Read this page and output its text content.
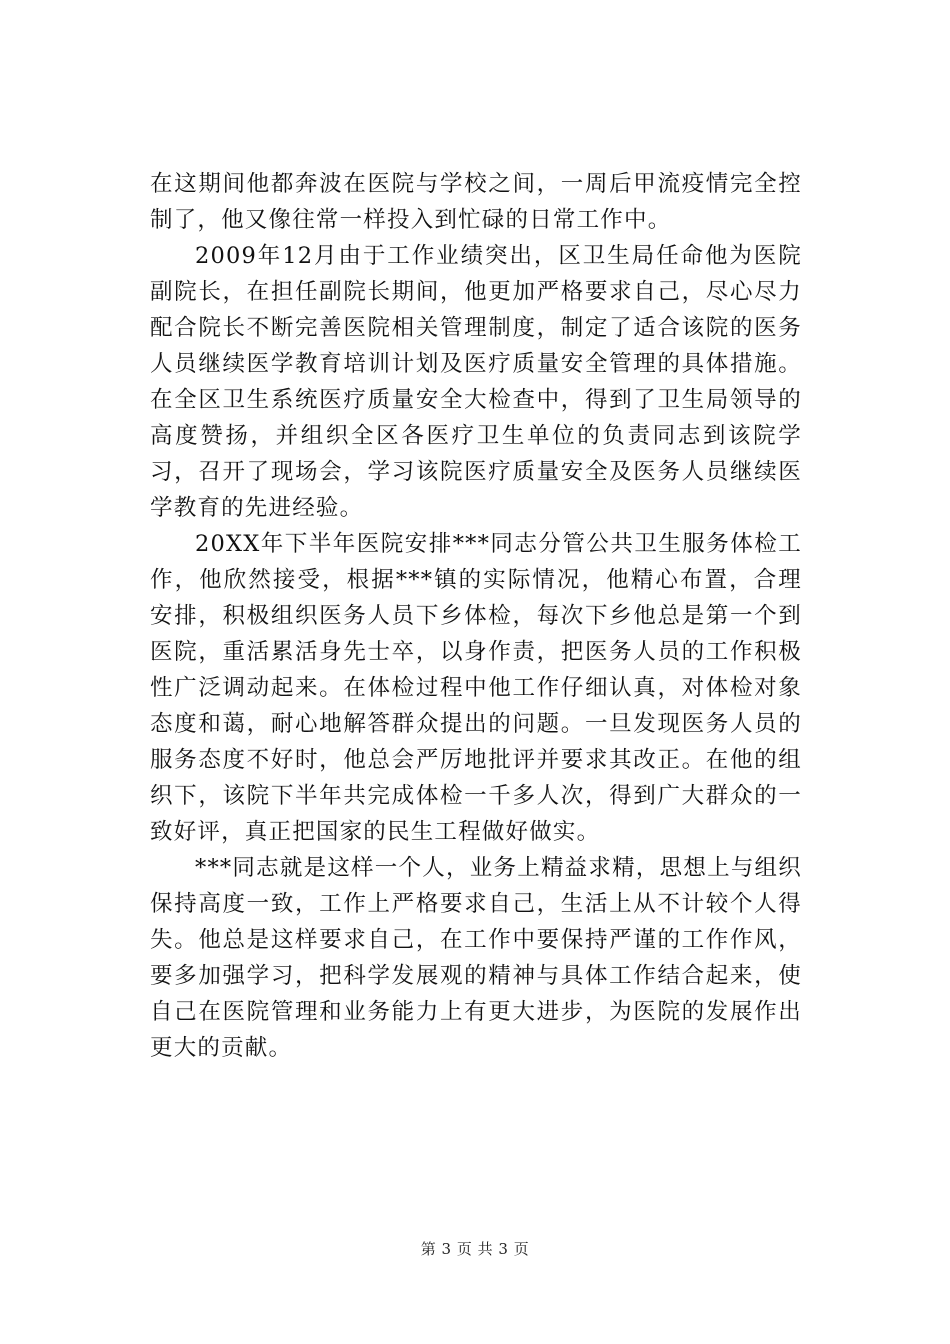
在这期间他都奔波在医院与学校之间，一周后甲流疫情完全控制了，他又像往常一样投入到忙碌的日常工作中。

2009年12月由于工作业绩突出，区卫生局任命他为医院副院长，在担任副院长期间，他更加严格要求自己，尽心尽力配合院长不断完善医院相关管理制度，制定了适合该院的医务人员继续医学教育培训计划及医疗质量安全管理的具体措施。在全区卫生系统医疗质量安全大检查中，得到了卫生局领导的高度赞扬，并组织全区各医疗卫生单位的负责同志到该院学习，召开了现场会，学习该院医疗质量安全及医务人员继续医学教育的先进经验。

20XX年下半年医院安排***同志分管公共卫生服务体检工作，他欣然接受，根据***镇的实际情况，他精心布置，合理安排，积极组织医务人员下乡体检，每次下乡他总是第一个到医院，重活累活身先士卒，以身作责，把医务人员的工作积极性广泛调动起来。在体检过程中他工作仔细认真，对体检对象态度和蔼，耐心地解答群众提出的问题。一旦发现医务人员的服务态度不好时，他总会严厉地批评并要求其改正。在他的组织下，该院下半年共完成体检一千多人次，得到广大群众的一致好评，真正把国家的民生工程做好做实。

***同志就是这样一个人，业务上精益求精，思想上与组织保持高度一致，工作上严格要求自己，生活上从不计较个人得失。他总是这样要求自己，在工作中要保持严谨的工作作风，要多加强学习，把科学发展观的精神与具体工作结合起来，使自己在医院管理和业务能力上有更大进步，为医院的发展作出更大的贡献。

第 3 页 共 3 页
